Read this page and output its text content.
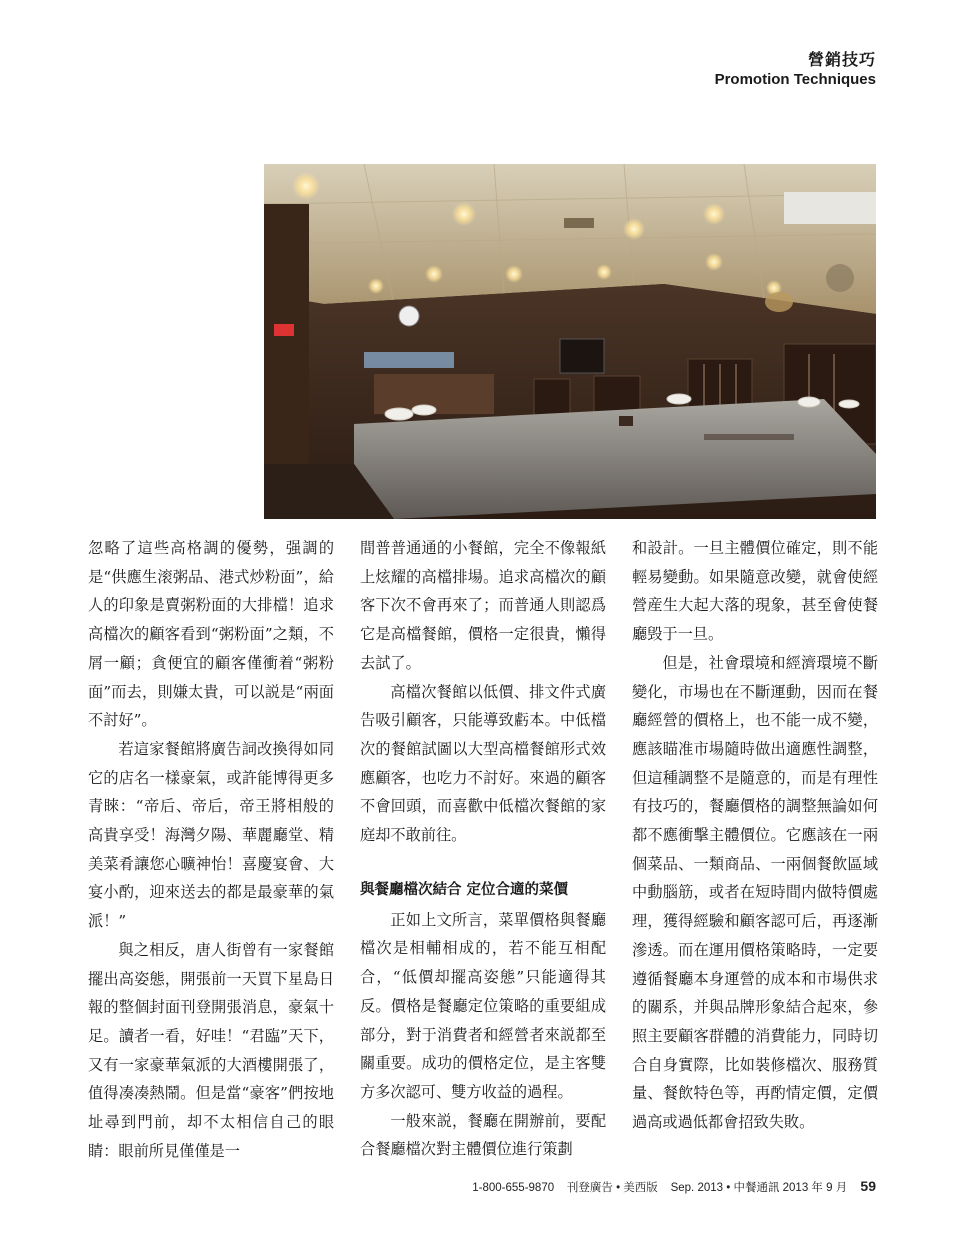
營銷技巧
Promotion Techniques

忽略了這些高格調的優勢，强調的是“供應生滚粥品、港式炒粉面”，給人的印象是賣粥粉面的大排檔！追求高檔次的顧客看到“粥粉面”之類，不屑一顧；貪便宜的顧客僅衝着“粥粉面”而去，則嫌太貴，可以説是“兩面不討好”。

若這家餐館將廣告詞改換得如同它的店名一樣豪氣，或許能博得更多青睞：“帝后、帝后，帝王將相般的高貴享受！海灣夕陽、華麗廳堂、精美菜肴讓您心曠神怡！喜慶宴會、大宴小酌，迎來送去的都是最豪華的氣派！”

與之相反，唐人街曾有一家餐館擺出高姿態，開張前一天買下星島日報的整個封面刊登開張消息，豪氣十足。讀者一看，好哇！“君臨”天下，又有一家豪華氣派的大酒樓開張了，值得凑凑熱鬧。但是當“豪客”們按地址尋到門前，却不太相信自己的眼睛：眼前所見僅僅是一

間普普通通的小餐館，完全不像報紙上炫耀的高檔排場。追求高檔次的顧客下次不會再來了；而普通人則認爲它是高檔餐館，價格一定很貴，懶得去試了。

高檔次餐館以低價、排文件式廣告吸引顧客，只能導致虧本。中低檔次的餐館試圖以大型高檔餐館形式效應顧客，也吃力不討好。來過的顧客不會回頭，而喜歡中低檔次餐館的家庭却不敢前往。

與餐廳檔次結合 定位合適的菜價

正如上文所言，菜單價格與餐廳檔次是相輔相成的，若不能互相配合，“低價却擺高姿態”只能適得其反。價格是餐廳定位策略的重要組成部分，對于消費者和經營者來説都至關重要。成功的價格定位，是主客雙方多次認可、雙方收益的過程。

一般來説，餐廳在開辦前，要配合餐廳檔次對主體價位進行策劃

和設計。一旦主體價位確定，則不能輕易變動。如果隨意改變，就會使經營産生大起大落的現象，甚至會使餐廳毁于一旦。

但是，社會環境和經濟環境不斷變化，市場也在不斷運動，因而在餐廳經營的價格上，也不能一成不變，應該瞄准市場隨時做出適應性調整，但這種調整不是隨意的，而是有理性有技巧的，餐廳價格的調整無論如何都不應衝擊主體價位。它應該在一兩個菜品、一類商品、一兩個餐飲區域中動腦筋，或者在短時間内做特價處理，獲得經驗和顧客認可后，再逐漸滲透。而在運用價格策略時，一定要遵循餐廳本身運營的成本和市場供求的關系，并與品牌形象結合起來，參照主要顧客群體的消費能力，同時切合自身實際，比如裝修檔次、服務質量、餐飲特色等，再酌情定價，定價過高或過低都會招致失敗。

1-800-655-9870 刊登廣告 • 美西版 Sep. 2013 • 中餐通訊 2013 年 9 月 59
